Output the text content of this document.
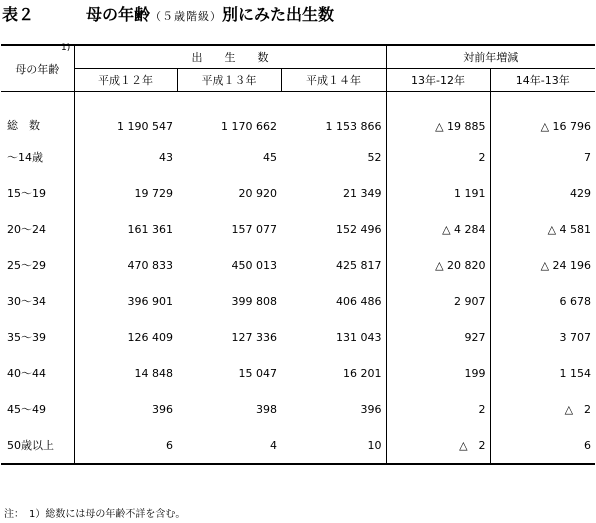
表２	母の年齢（５歳階級）別にみた出生数
母の年齢	出　　生　　数			対前年増減	
	平成１２年	平成１３年	平成１４年	13年-12年	14年-13年

1)
総　数	1 190 547	1 170 662	1 153 866	△ 19 885	△ 16 796
～14歳	43	45	52	2	7
15～19	19 729	20 920	21 349	1 191	429
20～24	161 361	157 077	152 496	△ 4 284	△ 4 581
25～29	470 833	450 013	425 817	△ 20 820	△ 24 196
30～34	396 901	399 808	406 486	2 907	6 678
35～39	126 409	127 336	131 043	927	3 707
40～44	14 848	15 047	16 201	199	1 154
45～49	396	398	396	2	△　2
50歳以上	6	4	10	△　2	6
注：　1）総数には母の年齢不詳を含む。
